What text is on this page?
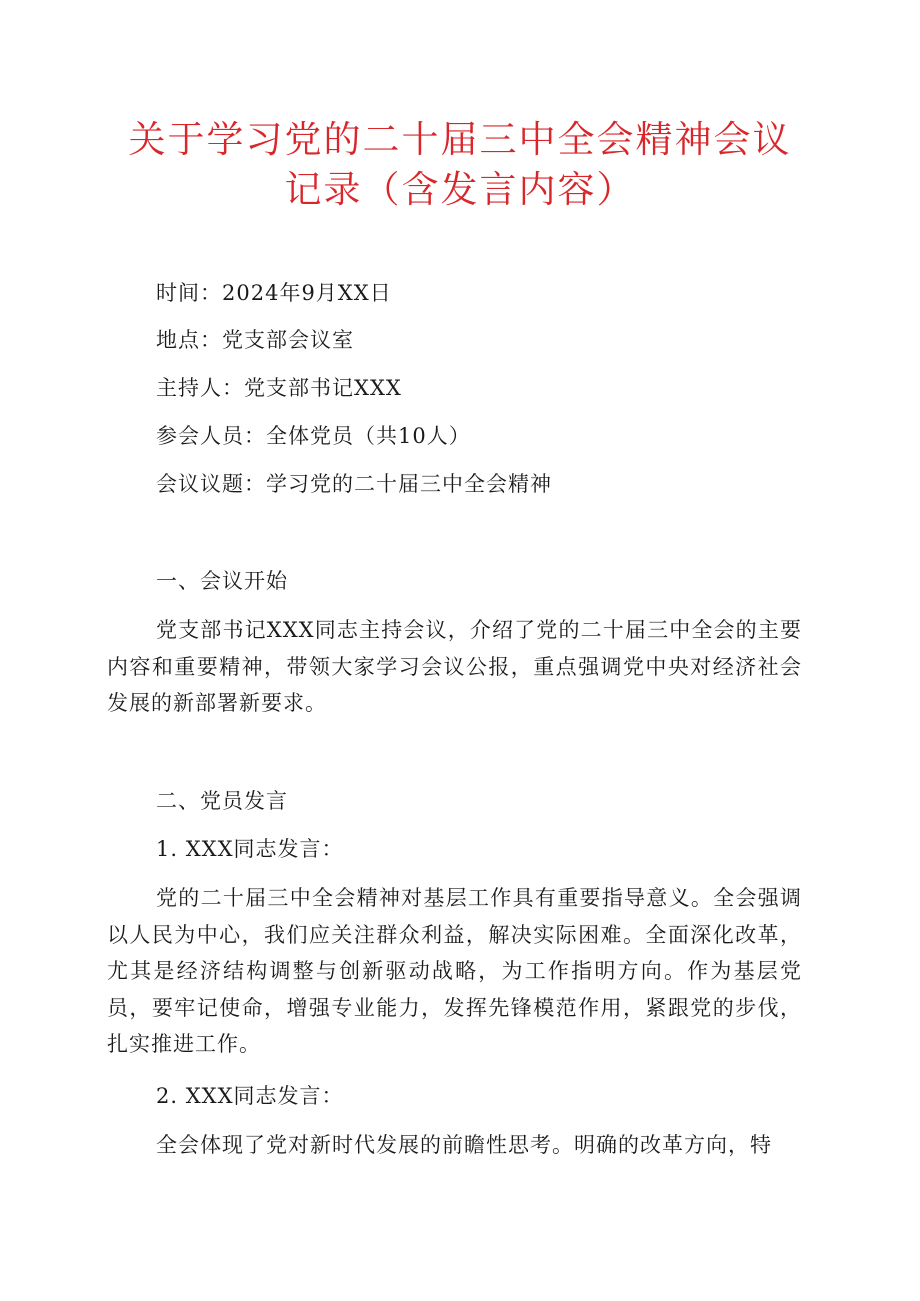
关于学习党的二十届三中全会精神会议
记录（含发言内容）
时间：2024年9月XX日
地点：党支部会议室
主持人：党支部书记XXX
参会人员：全体党员（共10人）
会议议题：学习党的二十届三中全会精神
一、会议开始
党支部书记XXX同志主持会议，介绍了党的二十届三中全会的主要内容和重要精神，带领大家学习会议公报，重点强调党中央对经济社会发展的新部署新要求。
二、党员发言
1. XXX同志发言：
党的二十届三中全会精神对基层工作具有重要指导意义。全会强调以人民为中心，我们应关注群众利益，解决实际困难。全面深化改革，尤其是经济结构调整与创新驱动战略，为工作指明方向。作为基层党员，要牢记使命，增强专业能力，发挥先锋模范作用，紧跟党的步伐，扎实推进工作。
2. XXX同志发言：
全会体现了党对新时代发展的前瞻性思考。明确的改革方向，特
